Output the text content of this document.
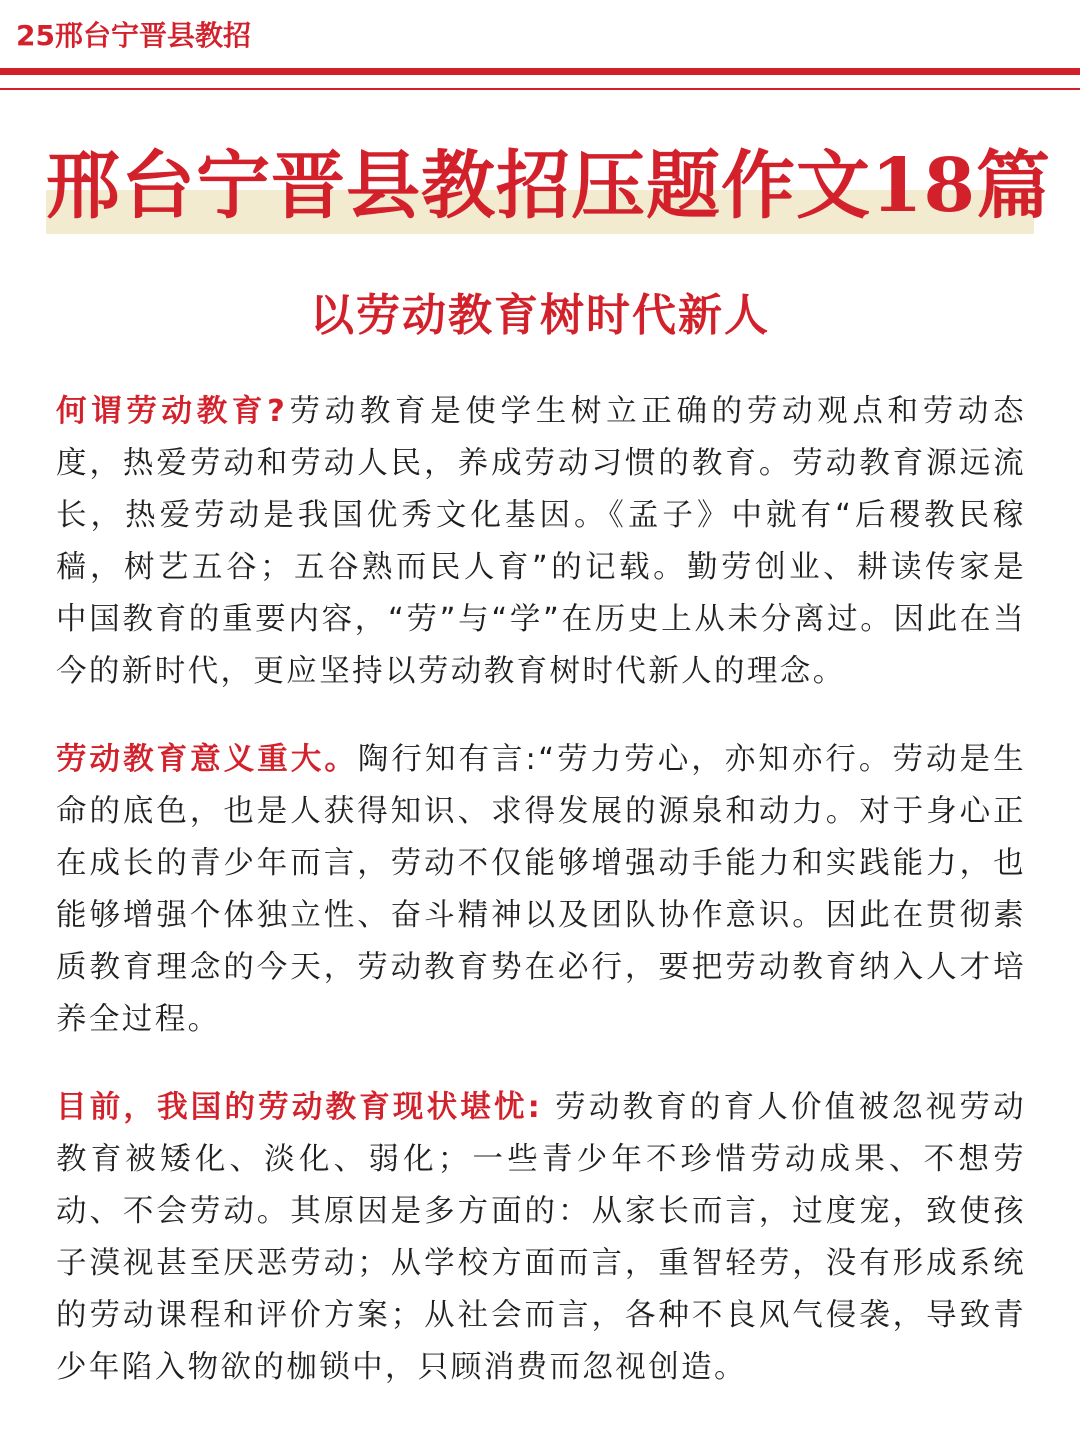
25邢台宁晋县教招
邢台宁晋县教招压题作文18篇
以劳动教育树时代新人

何谓劳动教育?劳动教育是使学生树立正确的劳动观点和劳动态度，热爱劳动和劳动人民，养成劳动习惯的教育。劳动教育源远流长，热爱劳动是我国优秀文化基因。《孟子》中就有“后稷教民稼穑，树艺五谷；五谷熟而民人育”的记载。勤劳创业、耕读传家是中国教育的重要内容，“劳”与“学”在历史上从未分离过。因此在当今的新时代，更应坚持以劳动教育树时代新人的理念。

劳动教育意义重大。陶行知有言:“劳力劳心，亦知亦行。劳动是生命的底色，也是人获得知识、求得发展的源泉和动力。对于身心正在成长的青少年而言，劳动不仅能够增强动手能力和实践能力，也能够增强个体独立性、奋斗精神以及团队协作意识。因此在贯彻素质教育理念的今天，劳动教育势在必行，要把劳动教育纳入人才培养全过程。

目前，我国的劳动教育现状堪忧: 劳动教育的育人价值被忽视劳动教育被矮化、淡化、弱化；一些青少年不珍惜劳动成果、不想劳动、不会劳动。其原因是多方面的：从家长而言，过度宠，致使孩子漠视甚至厌恶劳动；从学校方面而言，重智轻劳，没有形成系统的劳动课程和评价方案；从社会而言，各种不良风气侵袭，导致青少年陷入物欲的枷锁中，只顾消费而忽视创造。
